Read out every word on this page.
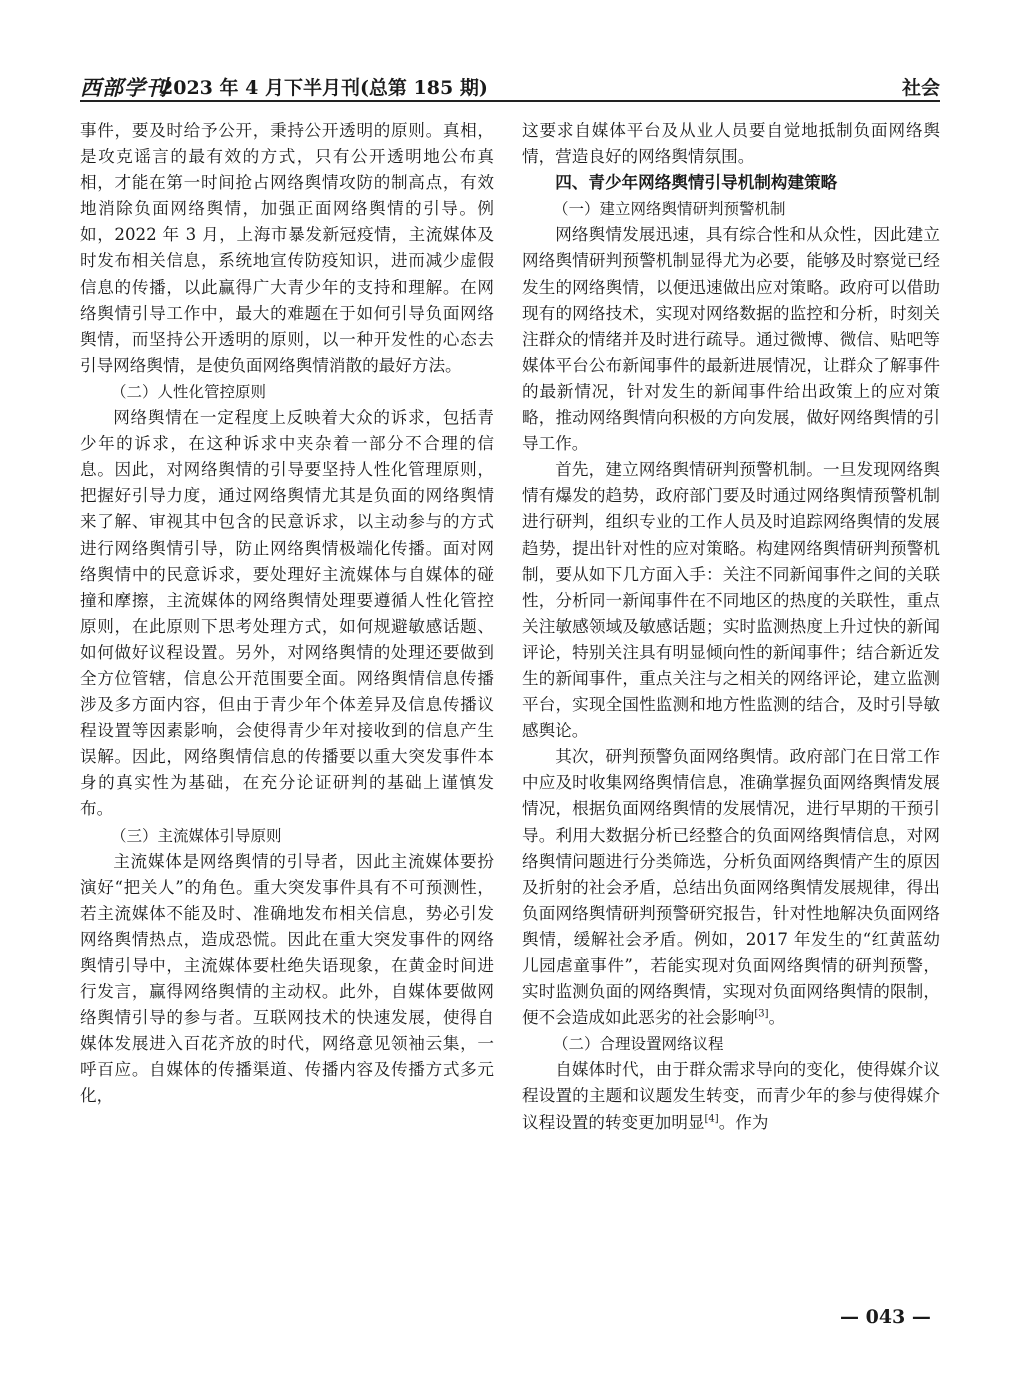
西部学刊
2023 年 4 月下半月刊(总第 185 期)	社会

事件，要及时给予公开，秉持公开透明的原则。真相，是攻克谣言的最有效的方式，只有公开透明地公布真相，才能在第一时间抢占网络舆情攻防的制高点，有效地消除负面网络舆情，加强正面网络舆情的引导。例如，2022 年 3 月，上海市暴发新冠疫情，主流媒体及时发布相关信息，系统地宣传防疫知识，进而减少虚假信息的传播，以此赢得广大青少年的支持和理解。在网络舆情引导工作中，最大的难题在于如何引导负面网络舆情，而坚持公开透明的原则，以一种开发性的心态去引导网络舆情，是使负面网络舆情消散的最好方法。

（二）人性化管控原则

网络舆情在一定程度上反映着大众的诉求，包括青少年的诉求，在这种诉求中夹杂着一部分不合理的信息。因此，对网络舆情的引导要坚持人性化管理原则，把握好引导力度，通过网络舆情尤其是负面的网络舆情来了解、审视其中包含的民意诉求，以主动参与的方式进行网络舆情引导，防止网络舆情极端化传播。面对网络舆情中的民意诉求，要处理好主流媒体与自媒体的碰撞和摩擦，主流媒体的网络舆情处理要遵循人性化管控原则，在此原则下思考处理方式，如何规避敏感话题、如何做好议程设置。另外，对网络舆情的处理还要做到全方位管辖，信息公开范围要全面。网络舆情信息传播涉及多方面内容，但由于青少年个体差异及信息传播议程设置等因素影响，会使得青少年对接收到的信息产生误解。因此，网络舆情信息的传播要以重大突发事件本身的真实性为基础，在充分论证研判的基础上谨慎发布。

（三）主流媒体引导原则

主流媒体是网络舆情的引导者，因此主流媒体要扮演好“把关人”的角色。重大突发事件具有不可预测性，若主流媒体不能及时、准确地发布相关信息，势必引发网络舆情热点，造成恐慌。因此在重大突发事件的网络舆情引导中，主流媒体要杜绝失语现象，在黄金时间进行发言，赢得网络舆情的主动权。此外，自媒体要做网络舆情引导的参与者。互联网技术的快速发展，使得自媒体发展进入百花齐放的时代，网络意见领袖云集，一呼百应。自媒体的传播渠道、传播内容及传播方式多元化，

这要求自媒体平台及从业人员要自觉地抵制负面网络舆情，营造良好的网络舆情氛围。

四、青少年网络舆情引导机制构建策略

（一）建立网络舆情研判预警机制

网络舆情发展迅速，具有综合性和从众性，因此建立网络舆情研判预警机制显得尤为必要，能够及时察觉已经发生的网络舆情，以便迅速做出应对策略。政府可以借助现有的网络技术，实现对网络数据的监控和分析，时刻关注群众的情绪并及时进行疏导。通过微博、微信、贴吧等媒体平台公布新闻事件的最新进展情况，让群众了解事件的最新情况，针对发生的新闻事件给出政策上的应对策略，推动网络舆情向积极的方向发展，做好网络舆情的引导工作。

首先，建立网络舆情研判预警机制。一旦发现网络舆情有爆发的趋势，政府部门要及时通过网络舆情预警机制进行研判，组织专业的工作人员及时追踪网络舆情的发展趋势，提出针对性的应对策略。构建网络舆情研判预警机制，要从如下几方面入手：关注不同新闻事件之间的关联性，分析同一新闻事件在不同地区的热度的关联性，重点关注敏感领域及敏感话题；实时监测热度上升过快的新闻评论，特别关注具有明显倾向性的新闻事件；结合新近发生的新闻事件，重点关注与之相关的网络评论，建立监测平台，实现全国性监测和地方性监测的结合，及时引导敏感舆论。

其次，研判预警负面网络舆情。政府部门在日常工作中应及时收集网络舆情信息，准确掌握负面网络舆情发展情况，根据负面网络舆情的发展情况，进行早期的干预引导。利用大数据分析已经整合的负面网络舆情信息，对网络舆情问题进行分类筛选，分析负面网络舆情产生的原因及折射的社会矛盾，总结出负面网络舆情发展规律，得出负面网络舆情研判预警研究报告，针对性地解决负面网络舆情，缓解社会矛盾。例如，2017 年发生的“红黄蓝幼儿园虐童事件”，若能实现对负面网络舆情的研判预警，实时监测负面的网络舆情，实现对负面网络舆情的限制，便不会造成如此恶劣的社会影响[3]。

（二）合理设置网络议程

自媒体时代，由于群众需求导向的变化，使得媒介议程设置的主题和议题发生转变，而青少年的参与使得媒介议程设置的转变更加明显[4]。作为

— 043 —
